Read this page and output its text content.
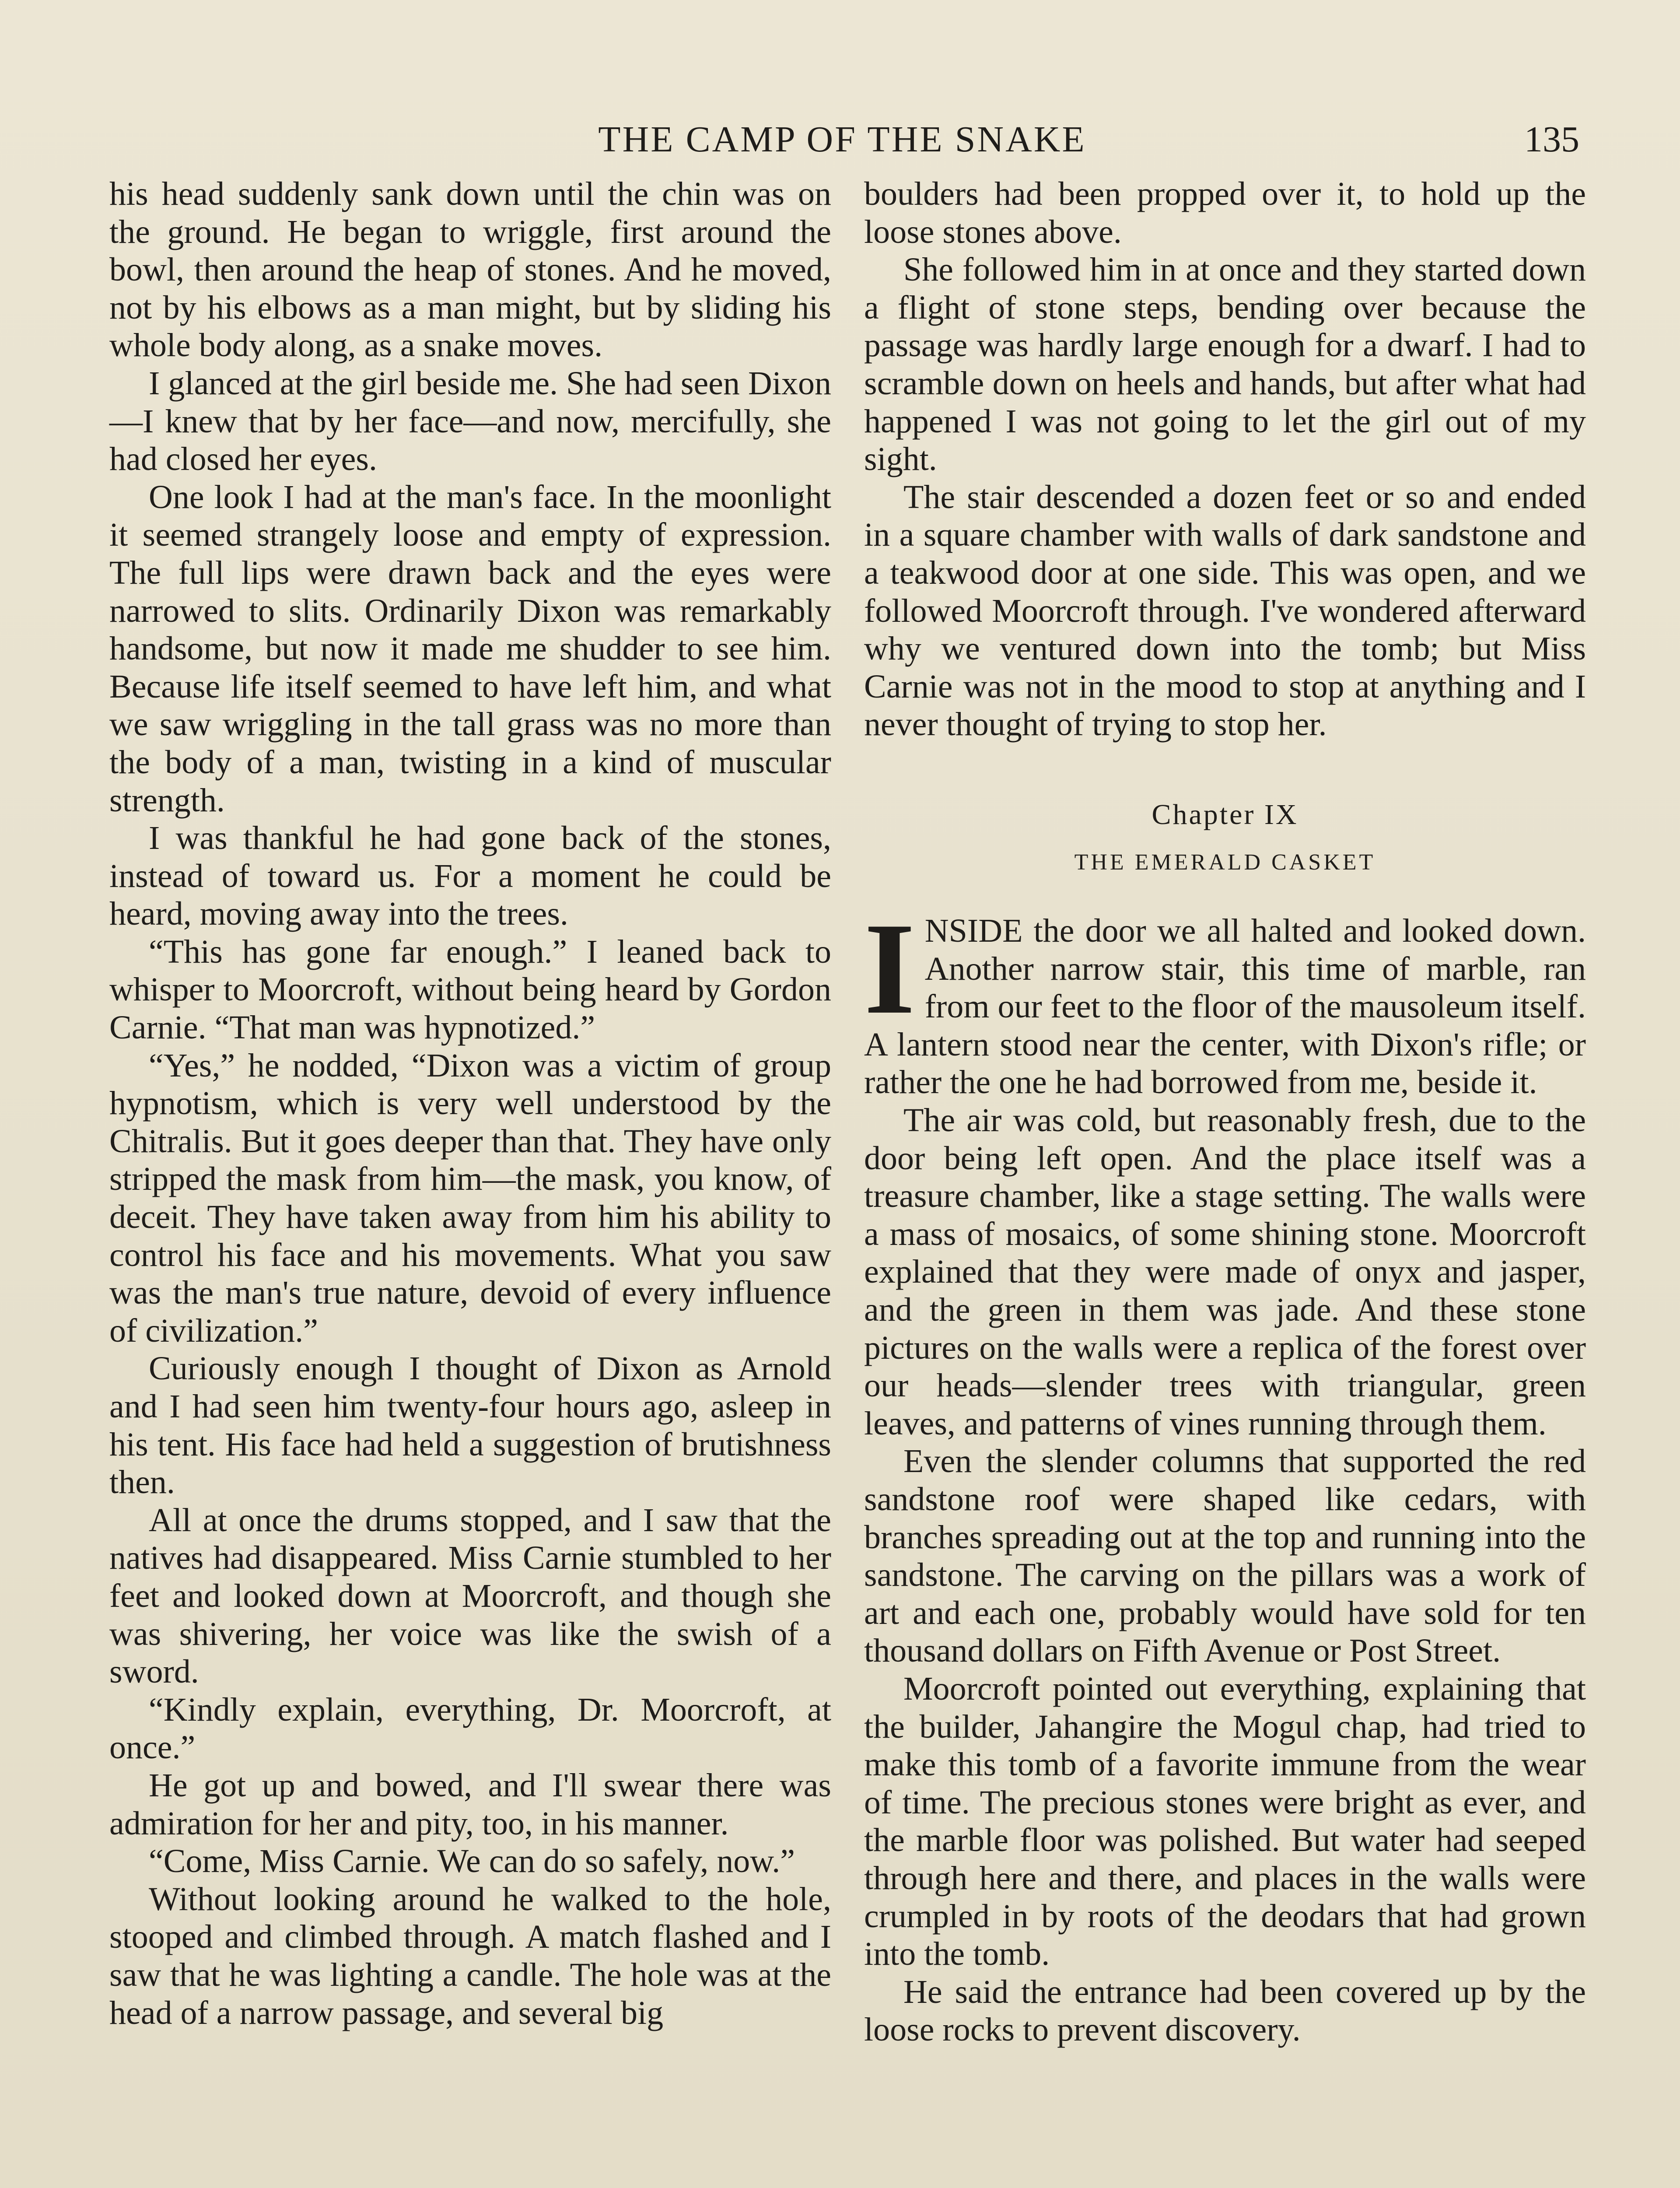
THE CAMP OF THE SNAKE	135

his head suddenly sank down until the chin was on the ground. He began to wriggle, first around the bowl, then around the heap of stones. And he moved, not by his elbows as a man might, but by sliding his whole body along, as a snake moves.

I glanced at the girl beside me. She had seen Dixon—I knew that by her face—and now, mercifully, she had closed her eyes.

One look I had at the man's face. In the moonlight it seemed strangely loose and empty of expression. The full lips were drawn back and the eyes were narrowed to slits. Ordinarily Dixon was remarkably handsome, but now it made me shudder to see him. Because life itself seemed to have left him, and what we saw wriggling in the tall grass was no more than the body of a man, twisting in a kind of muscular strength.

I was thankful he had gone back of the stones, instead of toward us. For a moment he could be heard, moving away into the trees.

“This has gone far enough.” I leaned back to whisper to Moorcroft, without being heard by Gordon Carnie. “That man was hypnotized.”

“Yes,” he nodded, “Dixon was a victim of group hypnotism, which is very well understood by the Chitralis. But it goes deeper than that. They have only stripped the mask from him—the mask, you know, of deceit. They have taken away from him his ability to control his face and his movements. What you saw was the man's true nature, devoid of every influence of civilization.”

Curiously enough I thought of Dixon as Arnold and I had seen him twenty-four hours ago, asleep in his tent. His face had held a suggestion of brutishness then.

All at once the drums stopped, and I saw that the natives had disappeared. Miss Carnie stumbled to her feet and looked down at Moorcroft, and though she was shivering, her voice was like the swish of a sword.

“Kindly explain, everything, Dr. Moorcroft, at once.”

He got up and bowed, and I'll swear there was admiration for her and pity, too, in his manner.

“Come, Miss Carnie. We can do so safely, now.”

Without looking around he walked to the hole, stooped and climbed through. A match flashed and I saw that he was lighting a candle. The hole was at the head of a narrow passage, and several big

boulders had been propped over it, to hold up the loose stones above.

She followed him in at once and they started down a flight of stone steps, bending over because the passage was hardly large enough for a dwarf. I had to scramble down on heels and hands, but after what had happened I was not going to let the girl out of my sight.

The stair descended a dozen feet or so and ended in a square chamber with walls of dark sandstone and a teakwood door at one side. This was open, and we followed Moorcroft through. I've wondered afterward why we ventured down into the tomb; but Miss Carnie was not in the mood to stop at anything and I never thought of trying to stop her.

Chapter IX
THE EMERALD CASKET

INSIDE the door we all halted and looked down. Another narrow stair, this time of marble, ran from our feet to the floor of the mausoleum itself. A lantern stood near the center, with Dixon's rifle; or rather the one he had borrowed from me, beside it.

The air was cold, but reasonably fresh, due to the door being left open. And the place itself was a treasure chamber, like a stage setting. The walls were a mass of mosaics, of some shining stone. Moorcroft explained that they were made of onyx and jasper, and the green in them was jade. And these stone pictures on the walls were a replica of the forest over our heads—slender trees with triangular, green leaves, and patterns of vines running through them.

Even the slender columns that supported the red sandstone roof were shaped like cedars, with branches spreading out at the top and running into the sandstone. The carving on the pillars was a work of art and each one, probably would have sold for ten thousand dollars on Fifth Avenue or Post Street.

Moorcroft pointed out everything, explaining that the builder, Jahangire the Mogul chap, had tried to make this tomb of a favorite immune from the wear of time. The precious stones were bright as ever, and the marble floor was polished. But water had seeped through here and there, and places in the walls were crumpled in by roots of the deodars that had grown into the tomb.

He said the entrance had been covered up by the loose rocks to prevent discovery.
